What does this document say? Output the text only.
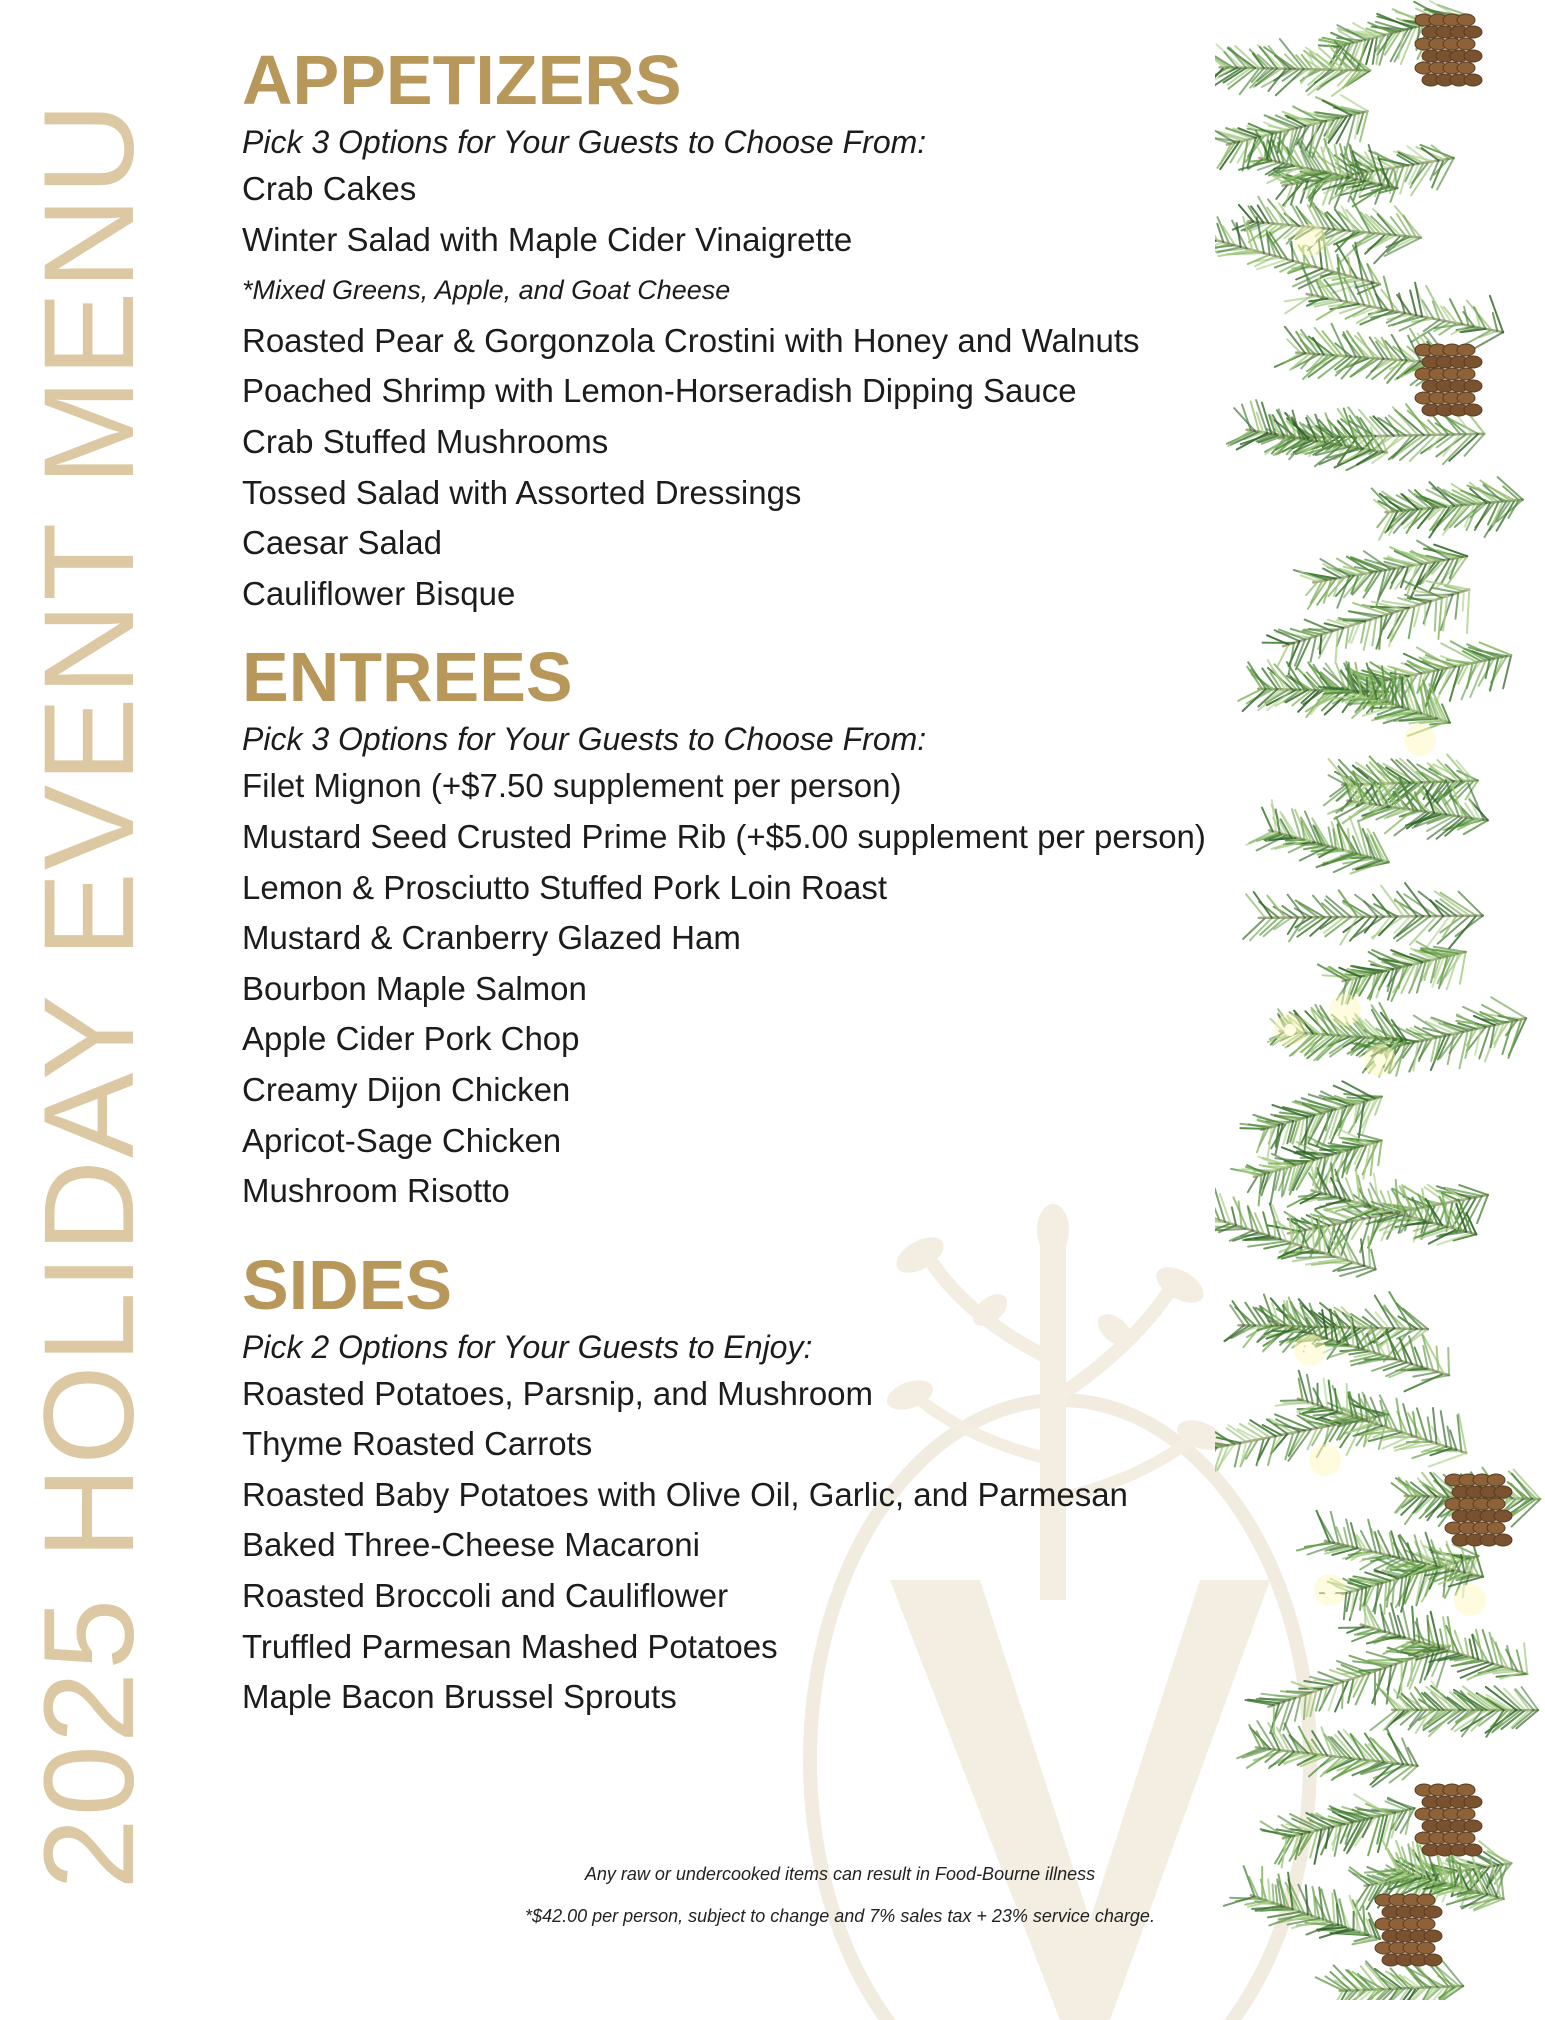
2025 HOLIDAY EVENT MENU
APPETIZERS

Pick 3 Options for Your Guests to Choose From:

Crab Cakes

Winter Salad with Maple Cider Vinaigrette

*Mixed Greens, Apple, and Goat Cheese

Roasted Pear & Gorgonzola Crostini with Honey and Walnuts

Poached Shrimp with Lemon-Horseradish Dipping Sauce

Crab Stuffed Mushrooms

Tossed Salad with Assorted Dressings

Caesar Salad

Cauliflower Bisque

ENTREES

Pick 3 Options for Your Guests to Choose From:

Filet Mignon (+$7.50 supplement per person)

Mustard Seed Crusted Prime Rib (+$5.00 supplement per person)

Lemon & Prosciutto Stuffed Pork Loin Roast

Mustard & Cranberry Glazed Ham

Bourbon Maple Salmon

Apple Cider Pork Chop

Creamy Dijon Chicken

Apricot-Sage Chicken

Mushroom Risotto

SIDES

Pick 2 Options for Your Guests to Enjoy:

Roasted Potatoes, Parsnip, and Mushroom

Thyme Roasted Carrots

Roasted Baby Potatoes with Olive Oil, Garlic, and Parmesan

Baked Three-Cheese Macaroni

Roasted Broccoli and Cauliflower

Truffled Parmesan Mashed Potatoes

Maple Bacon Brussel Sprouts

Any raw or undercooked items can result in Food-Bourne illness
*$42.00 per person, subject to change and 7% sales tax + 23% service charge.
